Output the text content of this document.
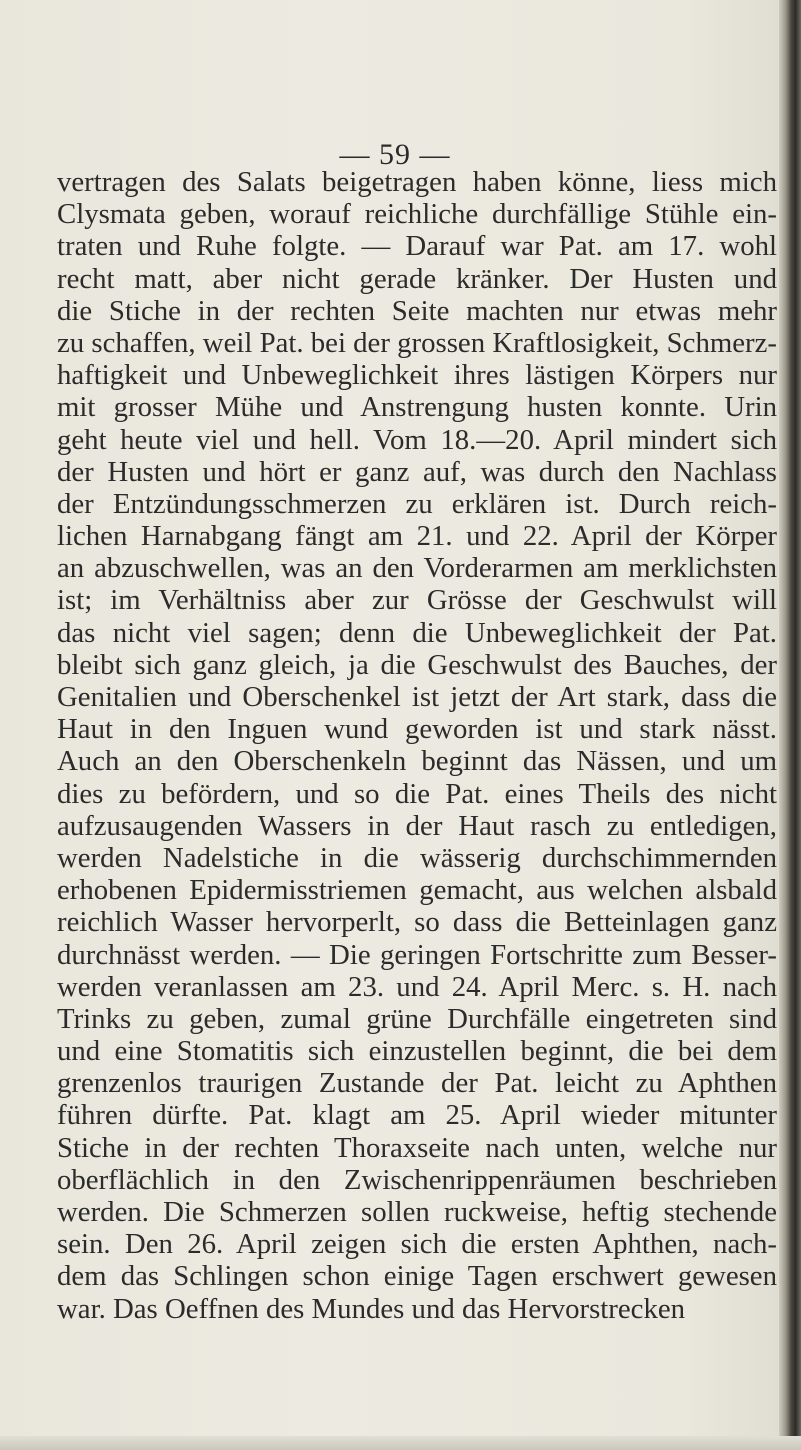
— 59 —
vertragen des Salats beigetragen haben könne, liess mich
Clysmata geben, worauf reichliche durchfällige Stühle ein-
traten und Ruhe folgte. — Darauf war Pat. am 17. wohl
recht matt, aber nicht gerade kränker. Der Husten und
die Stiche in der rechten Seite machten nur etwas mehr
zu schaffen, weil Pat. bei der grossen Kraftlosigkeit, Schmerz-
haftigkeit und Unbeweglichkeit ihres lästigen Körpers nur
mit grosser Mühe und Anstrengung husten konnte. Urin
geht heute viel und hell. Vom 18.—20. April mindert sich
der Husten und hört er ganz auf, was durch den Nachlass
der Entzündungsschmerzen zu erklären ist. Durch reich-
lichen Harnabgang fängt am 21. und 22. April der Körper
an abzuschwellen, was an den Vorderarmen am merklichsten
ist; im Verhältniss aber zur Grösse der Geschwulst will
das nicht viel sagen; denn die Unbeweglichkeit der Pat.
bleibt sich ganz gleich, ja die Geschwulst des Bauches, der
Genitalien und Oberschenkel ist jetzt der Art stark, dass die
Haut in den Inguen wund geworden ist und stark nässt.
Auch an den Oberschenkeln beginnt das Nässen, und um
dies zu befördern, und so die Pat. eines Theils des nicht
aufzusaugenden Wassers in der Haut rasch zu entledigen,
werden Nadelstiche in die wässerig durchschimmernden
erhobenen Epidermisstriemen gemacht, aus welchen alsbald
reichlich Wasser hervorperlt, so dass die Betteinlagen ganz
durchnässt werden. — Die geringen Fortschritte zum Besser-
werden veranlassen am 23. und 24. April Merc. s. H. nach
Trinks zu geben, zumal grüne Durchfälle eingetreten sind
und eine Stomatitis sich einzustellen beginnt, die bei dem
grenzenlos traurigen Zustande der Pat. leicht zu Aphthen
führen dürfte. Pat. klagt am 25. April wieder mitunter
Stiche in der rechten Thoraxseite nach unten, welche nur
oberflächlich in den Zwischenrippenräumen beschrieben
werden. Die Schmerzen sollen ruckweise, heftig stechende
sein. Den 26. April zeigen sich die ersten Aphthen, nach-
dem das Schlingen schon einige Tagen erschwert gewesen
war. Das Oeffnen des Mundes und das Hervorstrecken
